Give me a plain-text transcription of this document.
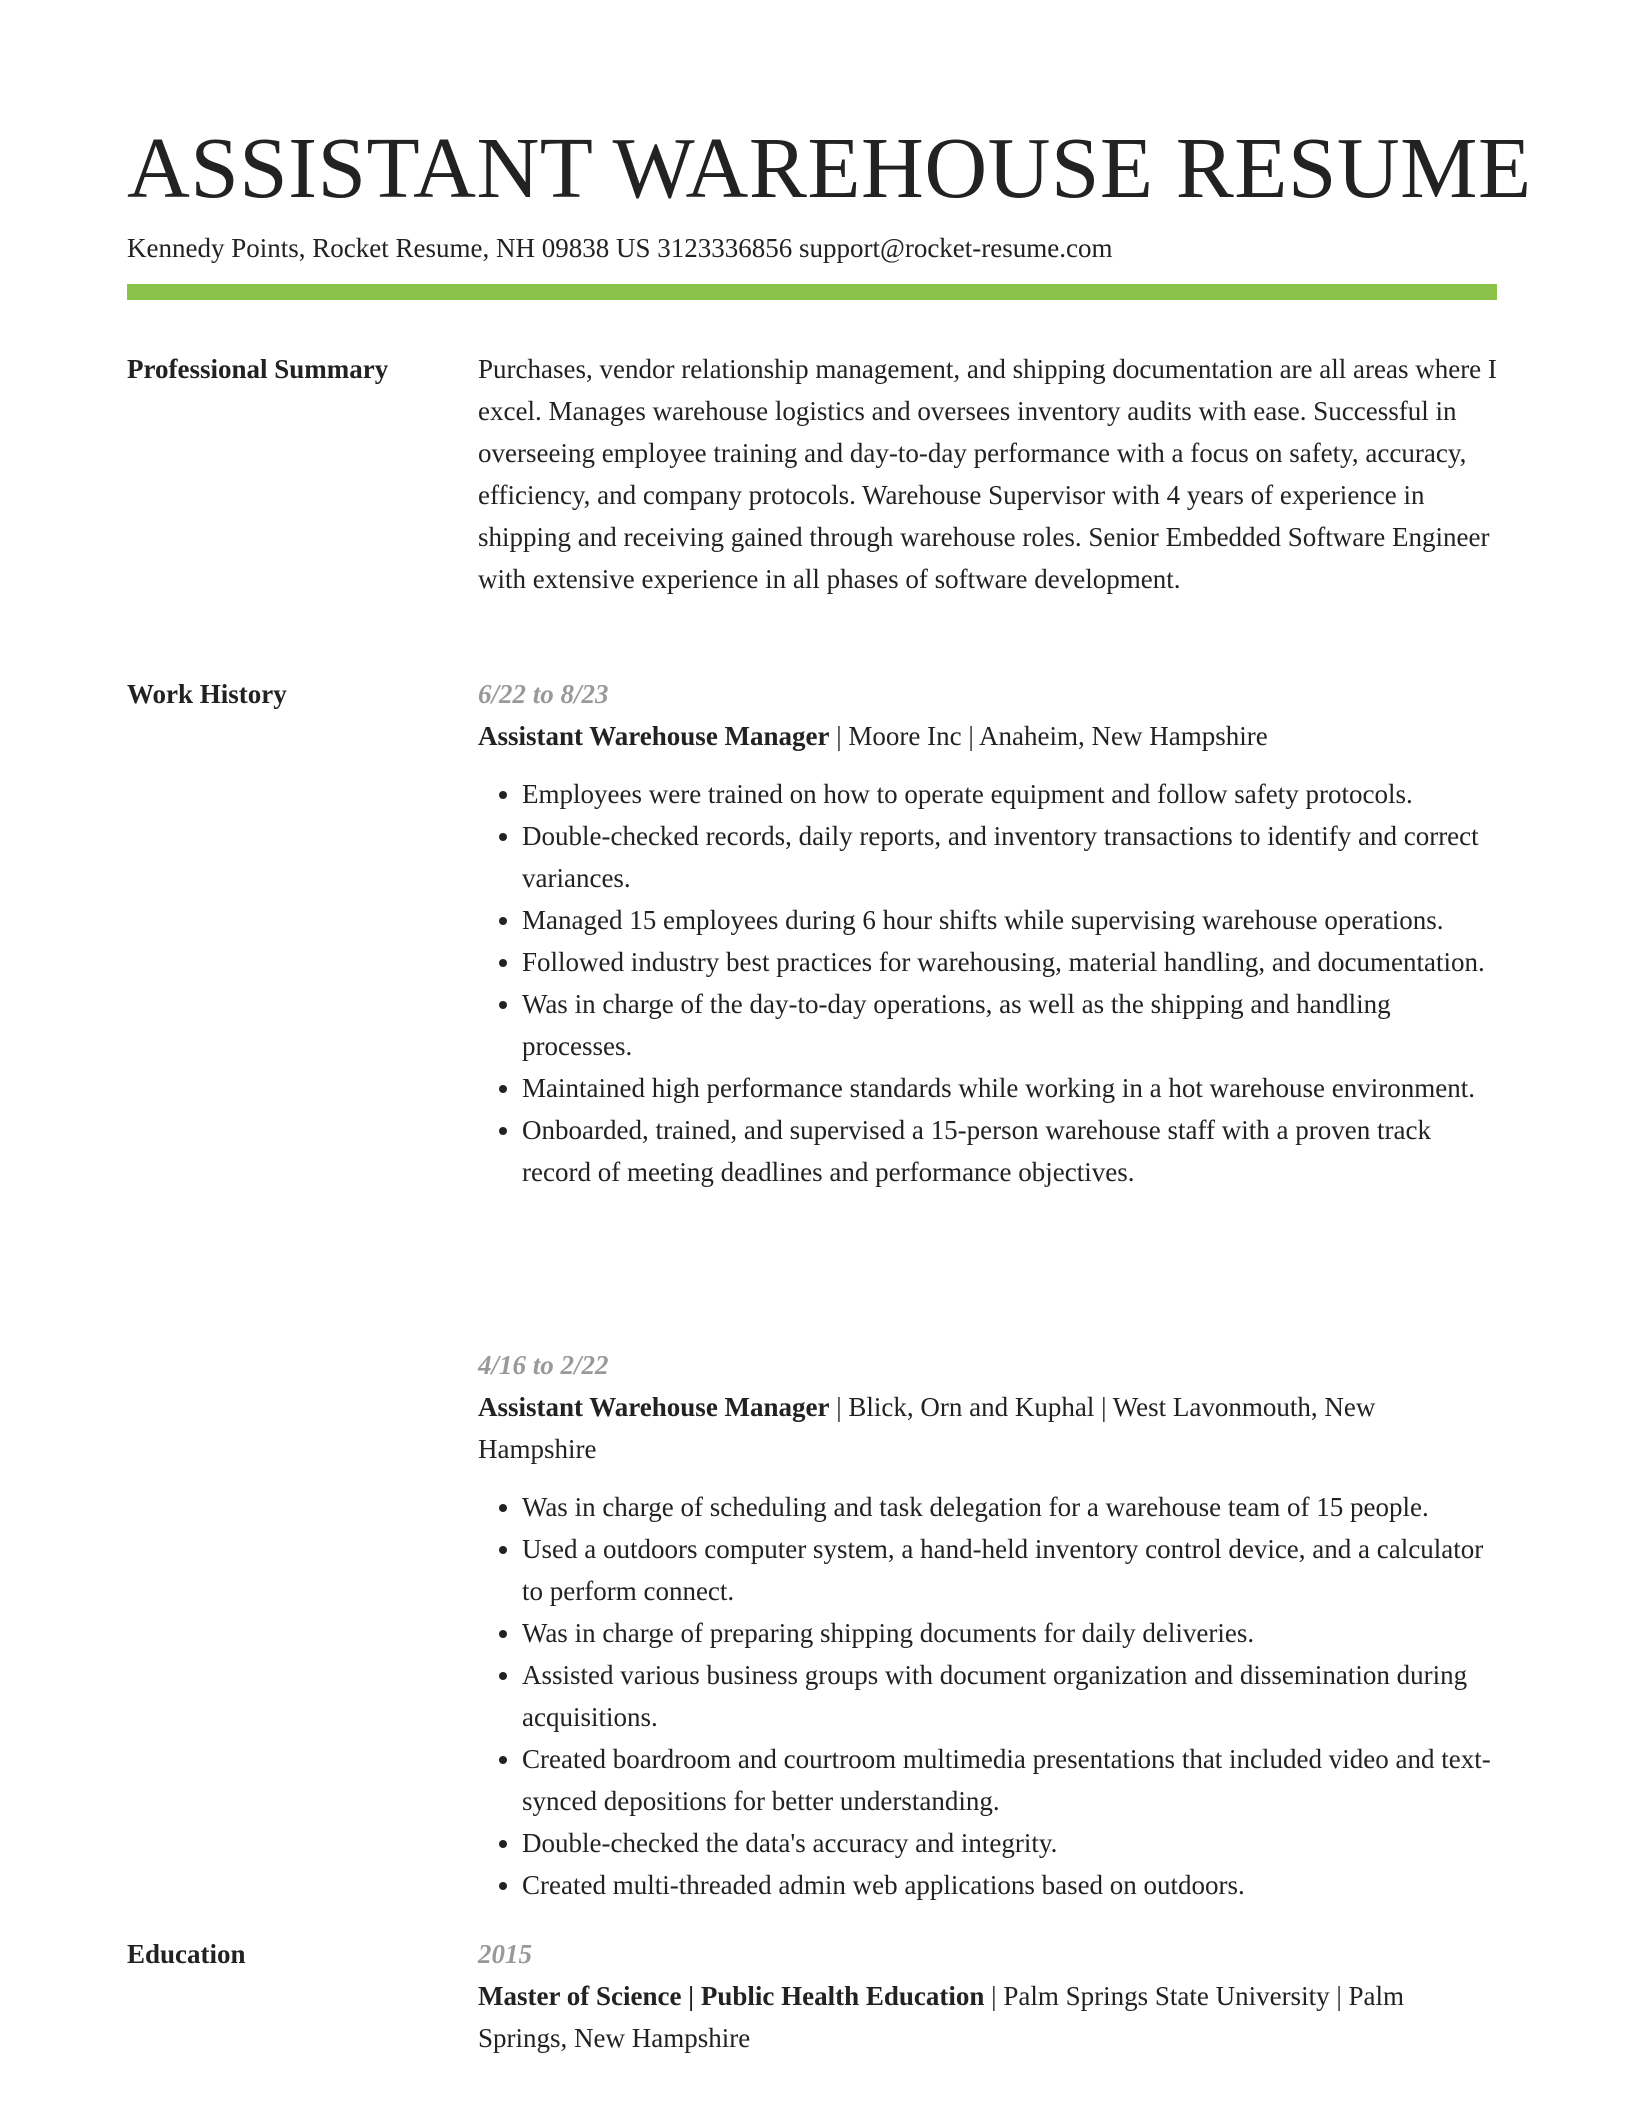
ASSISTANT WAREHOUSE RESUME
Kennedy Points, Rocket Resume, NH 09838 US 3123336856 support@rocket-resume.com
Professional Summary	Purchases, vendor relationship management, and shipping documentation are all areas where I excel. Manages warehouse logistics and oversees inventory audits with ease. Successful in overseeing employee training and day-to-day performance with a focus on safety, accuracy, efficiency, and company protocols. Warehouse Supervisor with 4 years of experience in shipping and receiving gained through warehouse roles. Senior Embedded Software Engineer with extensive experience in all phases of software development.

Work History	6/22 to 8/23
Assistant Warehouse Manager | Moore Inc | Anaheim, New Hampshire
• Employees were trained on how to operate equipment and follow safety protocols.
• Double-checked records, daily reports, and inventory transactions to identify and correct variances.
• Managed 15 employees during 6 hour shifts while supervising warehouse operations.
• Followed industry best practices for warehousing, material handling, and documentation.
• Was in charge of the day-to-day operations, as well as the shipping and handling processes.
• Maintained high performance standards while working in a hot warehouse environment.
• Onboarded, trained, and supervised a 15-person warehouse staff with a proven track record of meeting deadlines and performance objectives.
4/16 to 2/22
Assistant Warehouse Manager | Blick, Orn and Kuphal | West Lavonmouth, New Hampshire
• Was in charge of scheduling and task delegation for a warehouse team of 15 people.
• Used a outdoors computer system, a hand-held inventory control device, and a calculator to perform connect.
• Was in charge of preparing shipping documents for daily deliveries.
• Assisted various business groups with document organization and dissemination during acquisitions.
• Created boardroom and courtroom multimedia presentations that included video and text-synced depositions for better understanding.
• Double-checked the data's accuracy and integrity.
• Created multi-threaded admin web applications based on outdoors.
Education	2015
Master of Science | Public Health Education | Palm Springs State University | Palm Springs, New Hampshire
